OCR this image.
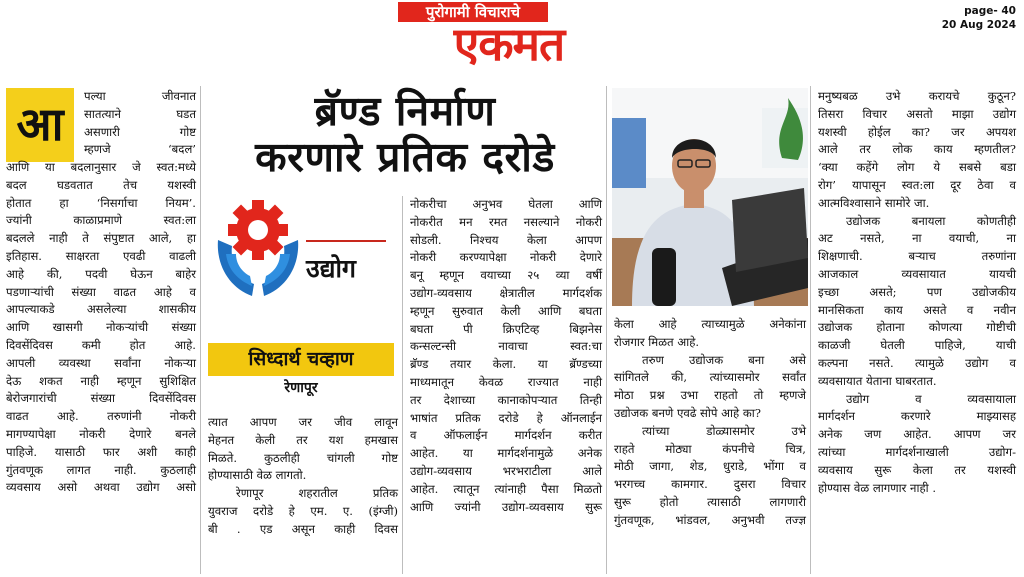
पुरोगामी विचाराचे
एकमत
page- 40
20 Aug 2024
ब्रॅण्ड निर्माण
करणारे प्रतिक दरोडे
उद्योग
सिध्दार्थ चव्हाण
रेणापूर
आ

पल्या जीवनात

सातत्याने घडत

असणारी गोष्ट

म्हणजे ‘बदल’

आणि या बदलानुसार जे स्वत:मध्ये

बदल घडवतात तेच यशस्वी

होतात हा ‘निसर्गाचा नियम’.

ज्यांनी काळाप्रमाणे स्वत:ला

बदलले नाही ते संपुष्टात आले, हा

इतिहास. साक्षरता एवढी वाढली

आहे की, पदवी घेऊन बाहेर

पडणाऱ्यांची संख्या वाढत आहे व

आपल्याकडे असलेल्या शासकीय

आणि खासगी नोकऱ्यांची संख्या

दिवसेंदिवस कमी होत आहे.

आपली व्यवस्था सर्वांना नोकऱ्या

देऊ शकत नाही म्हणून सुशिक्षित

बेरोजगारांची संख्या दिवसेंदिवस

वाढत आहे. तरुणांनी नोकरी

मागण्यापेक्षा नोकरी देणारे बनले

पाहिजे. यासाठी फार अशी काही

गुंतवणूक लागत नाही. कुठलाही

व्यवसाय असो अथवा उद्योग असो

त्यात आपण जर जीव लावून

मेहनत केली तर यश हमखास

मिळते. कुठलीही चांगली गोष्ट

होण्यासाठी वेळ लागतो.

रेणापूर शहरातील प्रतिक

युवराज दरोडे हे एम. ए. (इंग्जी)

बी . एड असून काही दिवस

नोकरीचा अनुभव घेतला आणि

नोकरीत मन रमत नसल्याने नोकरी

सोडली. निश्चय केला आपण

नोकरी करण्यापेक्षा नोकरी देणारे

बनू म्हणून वयाच्या २५ व्या वर्षी

उद्योग-व्यवसाय क्षेत्रातील मार्गदर्शक

म्हणून सुरुवात केली आणि बघता

बघता पी क्रिएटिव्ह बिझनेस

कन्सल्टन्सी नावाचा स्वत:चा

ब्रॅण्ड तयार केला. या ब्रॅण्डच्या

माध्यमातून केवळ राज्यात नाही

तर देशाच्या कानाकोपऱ्यात तिन्ही

भाषांत प्रतिक दरोडे हे ऑनलाईन

व ऑफलाईन मार्गदर्शन करीत

आहेत. या मार्गदर्शनामुळे अनेक

उद्योग-व्यवसाय भरभराटीला आले

आहेत. त्यातून त्यांनाही पैसा मिळतो

आणि ज्यांनी उद्योग-व्यवसाय सुरू

केला आहे त्याच्यामुळे अनेकांना

रोजगार मिळत आहे.

तरुण उद्योजक बना असे

सांगितले की, त्यांच्यासमोर सर्वांत

मोठा प्रश्न उभा राहतो तो म्हणजे

उद्योजक बनणे एवढे सोपे आहे का?

त्यांच्या डोळ्यासमोर उभे

राहते मोठ्या कंपनीचे चित्र,

मोठी जागा, शेड, धुराडे, भोंगा व

भरगच्च कामगार. दुसरा विचार

सुरू होतो त्यासाठी लागणारी

गुंतवणूक, भांडवल, अनुभवी तज्ज्ञ

मनुष्यबळ उभे करायचे कुठून?

तिसरा विचार असतो माझा उद्योग

यशस्वी होईल का? जर अपयश

आले तर लोक काय म्हणतील?

‘क्या कहेंगे लोग ये सबसे बडा

रोग’ यापासून स्वत:ला दूर ठेवा व

आत्मविश्वासाने सामोरे जा.

उद्योजक बनायला कोणतीही

अट नसते, ना वयाची, ना

शिक्षणाची. बऱ्याच तरुणांना

आजकाल व्यवसायात यायची

इच्छा असते; पण उद्योजकीय

मानसिकता काय असते व नवीन

उद्योजक होताना कोणत्या गोष्टीची

काळजी घेतली पाहिजे, याची

कल्पना नसते. त्यामुळे उद्योग व

व्यवसायात येताना घाबरतात.

उद्योग व व्यवसायाला

मार्गदर्शन करणारे माझ्यासह

अनेक जण आहेत. आपण जर

त्यांच्या मार्गदर्शनाखाली उद्योग-

व्यवसाय सुरू केला तर यशस्वी

होण्यास वेळ लागणार नाही .
